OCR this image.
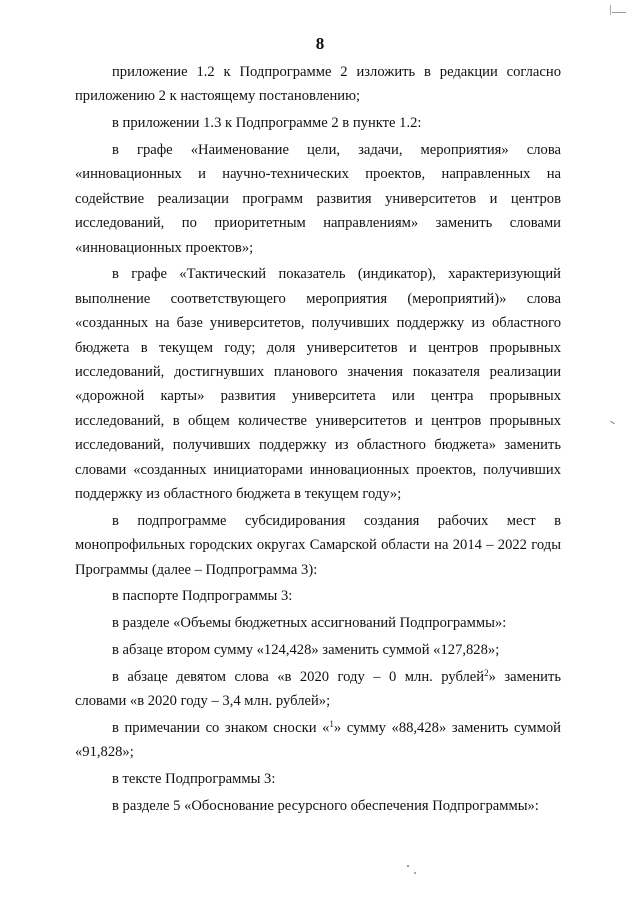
8

приложение 1.2 к Подпрограмме 2 изложить в редакции согласно приложению 2 к настоящему постановлению;

в приложении 1.3 к Подпрограмме 2 в пункте 1.2:

в графе «Наименование цели, задачи, мероприятия» слова «инновационных и научно-технических проектов, направленных на содействие реализации программ развития университетов и центров исследований, по приоритетным направлениям» заменить словами «инновационных проектов»;

в графе «Тактический показатель (индикатор), характеризующий выполнение соответствующего мероприятия (мероприятий)» слова «созданных на базе университетов, получивших поддержку из областного бюджета в текущем году; доля университетов и центров прорывных исследований, достигнувших планового значения показателя реализации «дорожной карты» развития университета или центра прорывных исследований, в общем количестве университетов и центров прорывных исследований, получивших поддержку из областного бюджета» заменить словами «созданных инициаторами инновационных проектов, получивших поддержку из областного бюджета в текущем году»;

в подпрограмме субсидирования создания рабочих мест в монопрофильных городских округах Самарской области на 2014 – 2022 годы Программы (далее – Подпрограмма 3):

в паспорте Подпрограммы 3:

в разделе «Объемы бюджетных ассигнований Подпрограммы»:

в абзаце втором сумму «124,428» заменить суммой «127,828»;

в абзаце девятом слова «в 2020 году – 0 млн. рублей$^2$» заменить словами «в 2020 году – 3,4 млн. рублей»;

в примечании со знаком сноски «$^1$» сумму «88,428» заменить суммой «91,828»;

в тексте Подпрограммы 3:

в разделе 5 «Обоснование ресурсного обеспечения Подпрограммы»:
